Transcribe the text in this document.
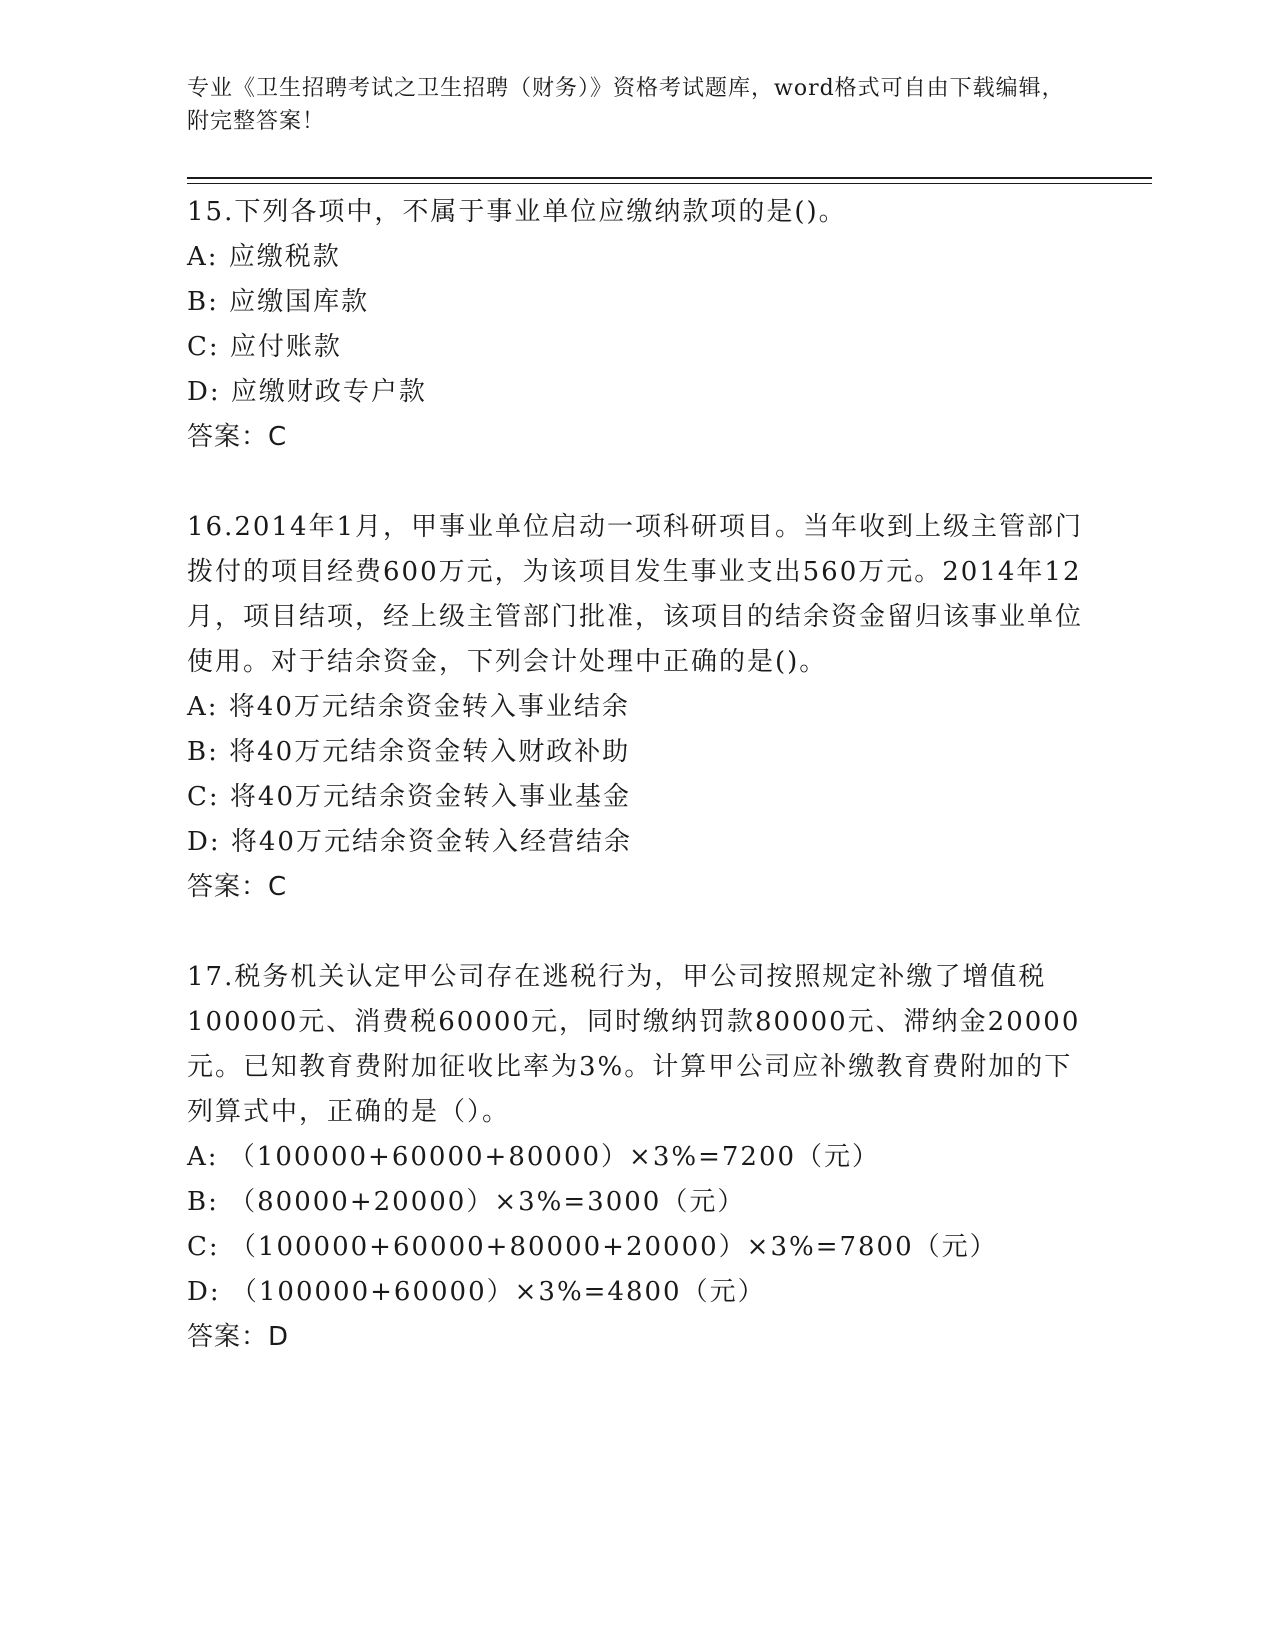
专业《卫生招聘考试之卫生招聘（财务）》资格考试题库，word格式可自由下载编辑，附完整答案！
15.下列各项中，不属于事业单位应缴纳款项的是()。
A: 应缴税款
B: 应缴国库款
C: 应付账款
D: 应缴财政专户款
答案：C
16.2014年1月，甲事业单位启动一项科研项目。当年收到上级主管部门拨付的项目经费600万元，为该项目发生事业支出560万元。2014年12月，项目结项，经上级主管部门批准，该项目的结余资金留归该事业单位使用。对于结余资金，下列会计处理中正确的是()。
A: 将40万元结余资金转入事业结余
B: 将40万元结余资金转入财政补助
C: 将40万元结余资金转入事业基金
D: 将40万元结余资金转入经营结余
答案：C
17.税务机关认定甲公司存在逃税行为，甲公司按照规定补缴了增值税100000元、消费税60000元，同时缴纳罚款80000元、滞纳金20000元。已知教育费附加征收比率为3%。计算甲公司应补缴教育费附加的下列算式中，正确的是（）。
A: （100000+60000+80000）×3%=7200（元）
B: （80000+20000）×3%=3000（元）
C: （100000+60000+80000+20000）×3%=7800（元）
D: （100000+60000）×3%=4800（元）
答案：D
